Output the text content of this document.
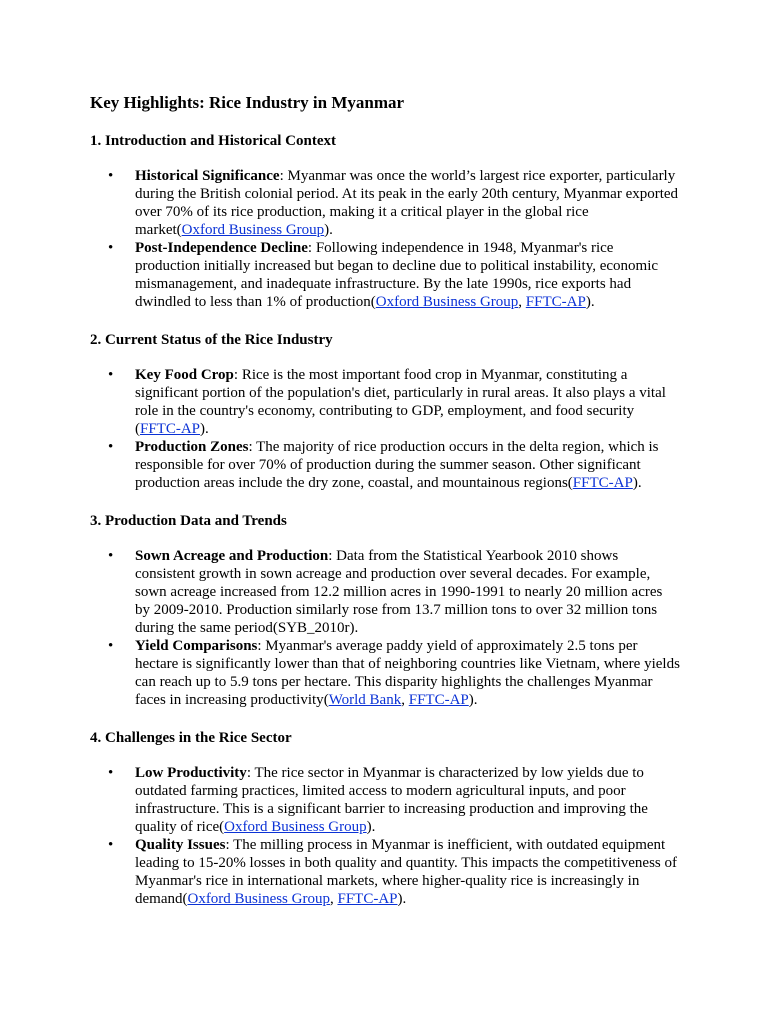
Key Highlights: Rice Industry in Myanmar
1. Introduction and Historical Context
• Historical Significance: Myanmar was once the world’s largest rice exporter, particularly during the British colonial period. At its peak in the early 20th century, Myanmar exported over 70% of its rice production, making it a critical player in the global rice market(Oxford Business Group).
• Post-Independence Decline: Following independence in 1948, Myanmar's rice production initially increased but began to decline due to political instability, economic mismanagement, and inadequate infrastructure. By the late 1990s, rice exports had dwindled to less than 1% of production(Oxford Business Group, FFTC-AP).
2. Current Status of the Rice Industry
• Key Food Crop: Rice is the most important food crop in Myanmar, constituting a significant portion of the population's diet, particularly in rural areas. It also plays a vital role in the country's economy, contributing to GDP, employment, and food security (FFTC-AP).
• Production Zones: The majority of rice production occurs in the delta region, which is responsible for over 70% of production during the summer season. Other significant production areas include the dry zone, coastal, and mountainous regions(FFTC-AP).
3. Production Data and Trends
• Sown Acreage and Production: Data from the Statistical Yearbook 2010 shows consistent growth in sown acreage and production over several decades. For example, sown acreage increased from 12.2 million acres in 1990-1991 to nearly 20 million acres by 2009-2010. Production similarly rose from 13.7 million tons to over 32 million tons during the same period(SYB_2010r).
• Yield Comparisons: Myanmar's average paddy yield of approximately 2.5 tons per hectare is significantly lower than that of neighboring countries like Vietnam, where yields can reach up to 5.9 tons per hectare. This disparity highlights the challenges Myanmar faces in increasing productivity(World Bank, FFTC-AP).
4. Challenges in the Rice Sector
• Low Productivity: The rice sector in Myanmar is characterized by low yields due to outdated farming practices, limited access to modern agricultural inputs, and poor infrastructure. This is a significant barrier to increasing production and improving the quality of rice(Oxford Business Group).
• Quality Issues: The milling process in Myanmar is inefficient, with outdated equipment leading to 15-20% losses in both quality and quantity. This impacts the competitiveness of Myanmar's rice in international markets, where higher-quality rice is increasingly in demand(Oxford Business Group, FFTC-AP).
